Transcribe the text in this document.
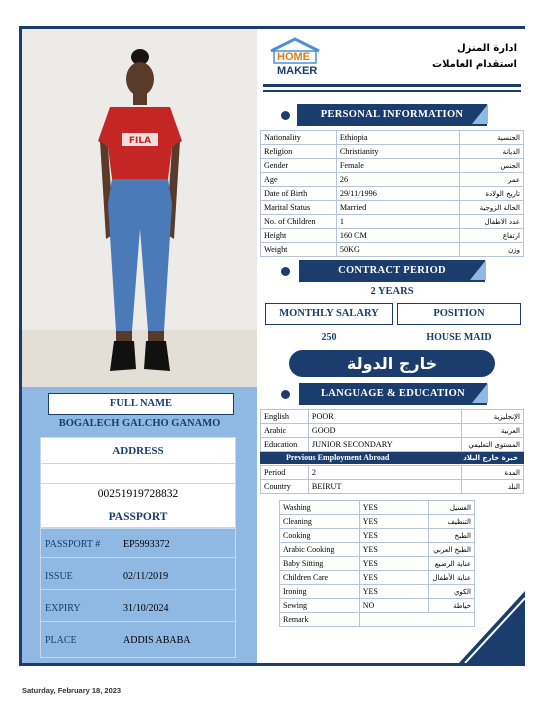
FILA
FULL NAME
BOGALECH GALCHO GANAMO
ADDRESS
00251919728832
PASSPORT
PASSPORT # EP5993372
ISSUE	02/11/2019
EXPIRY	31/10/2024
PLACE	ADDIS ABABA
HOME
MAKER
ادارة المنزل
استقدام العاملات
PERSONAL INFORMATION
Nationality	Ethiopia	الجنسية
Religion	Christianity	الديانة
Gender	Female	الجنس
Age	26	عمر
Date of Birth	29/11/1996	تاريخ الولادة
Marital Status	Married	الحالة الزوجية
No. of Children	1	عدد الاطفال
Height	160 CM	ارتفاع
Weight	50KG	وزن
CONTRACT PERIOD
2 YEARS
MONTHLY SALARY	POSITION
250	HOUSE MAID
خارج الدولة
LANGUAGE & EDUCATION
English	POOR	الإنجليزية
Arabic	GOOD	العربية
Education	JUNIOR SECONDARY	المستوى التعليمي
Previous Employment Abroad	خبرة خارج البلاد
Period	2	المدة
Country	BEIRUT	البلد
Washing	YES	الغسيل
Cleaning	YES	التنظيف
Cooking	YES	الطبخ
Arabic Cooking	YES	الطبخ العربي
Baby Sitting	YES	عناية الرضيع
Children Care	YES	عناية الأطفال
Ironing	YES	الكوي
Sewing	NO	خياطة
Remark		
Saturday, February 18, 2023
